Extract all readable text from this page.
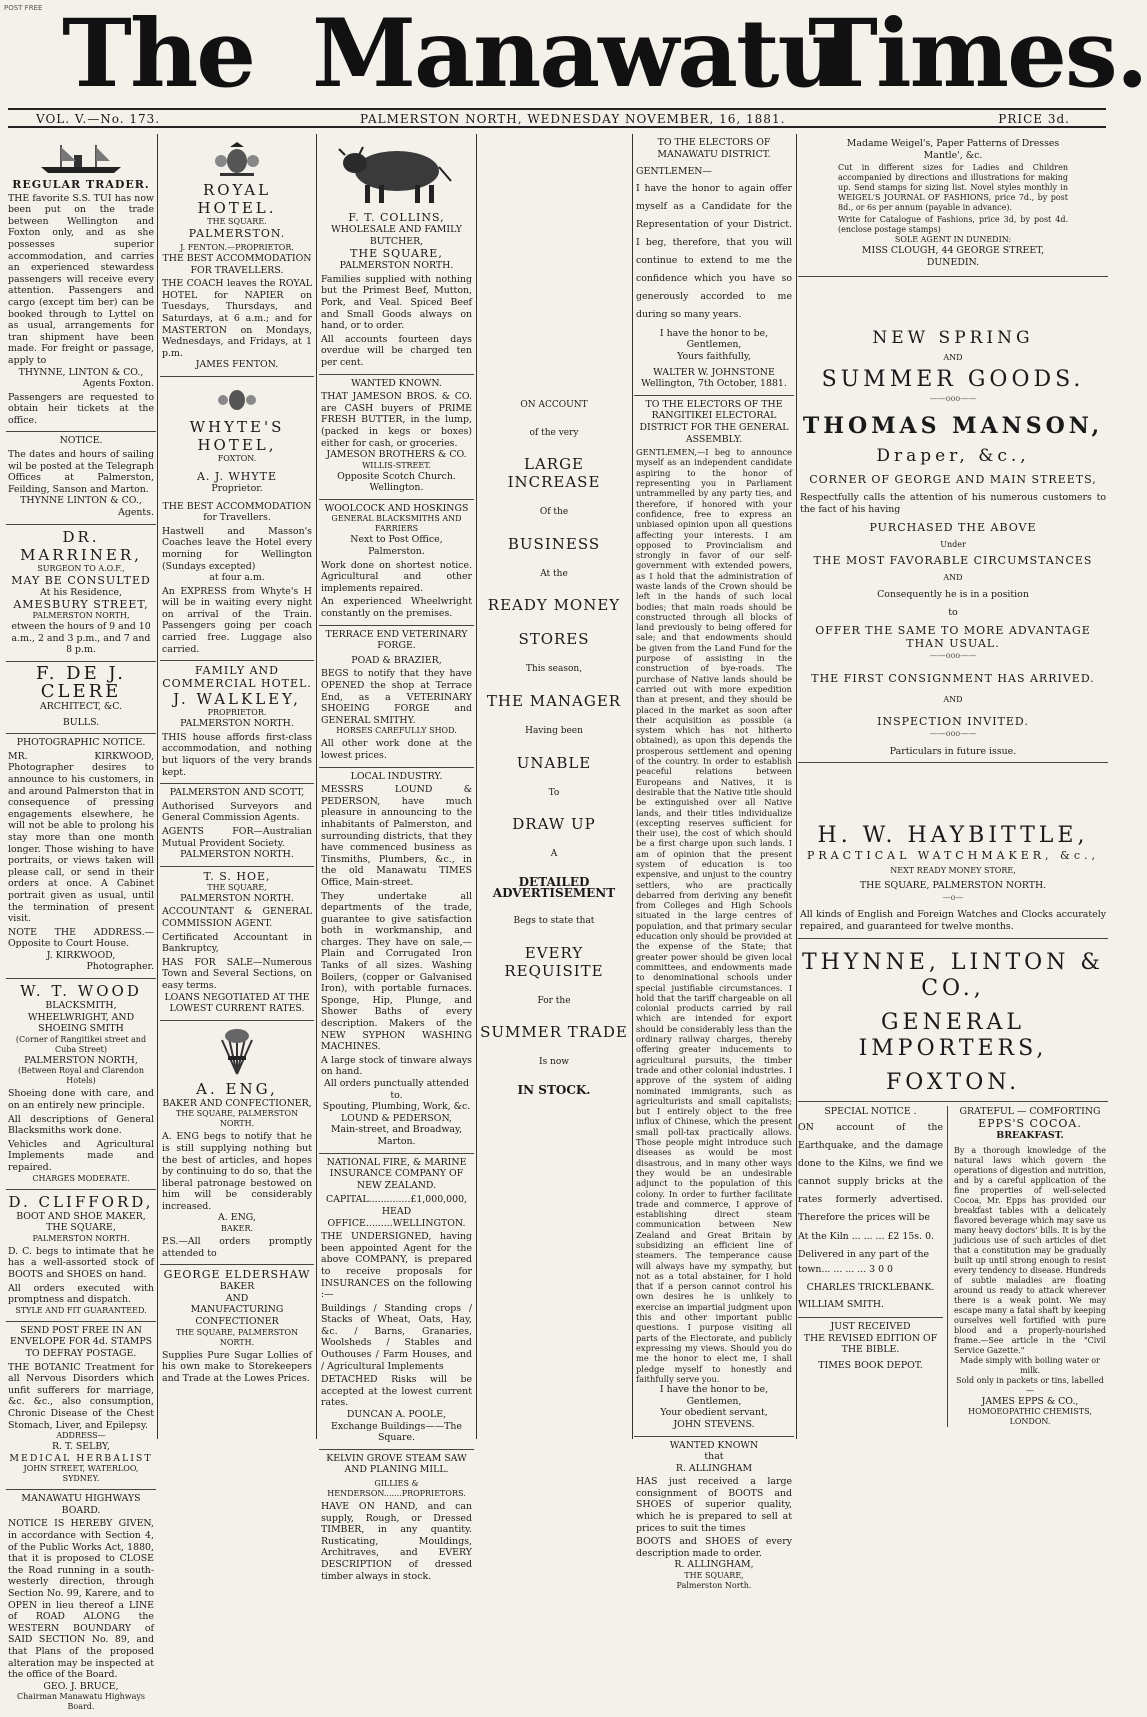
POST FREE The Manawatu
Times.
VOL. V.—No. 173.	PALMERSTON NORTH, WEDNESDAY NOVEMBER, 16, 1881.	PRICE 3d.
REGULAR TRADER.

THE favorite S.S. TUI has now been put on the trade between Wellington and Foxton only, and as she possesses superior accommodation, and carries an experienced stewardess passengers will receive every attention. Passengers and cargo (except tim ber) can be booked through to Lyttel on as usual, arrangements for tran shipment have been made. For freight or passage, apply to

THYNNE, LINTON & CO.,
Agents Foxton.

Passengers are requested to obtain heir tickets at the office.

NOTICE.

The dates and hours of sailing wil be posted at the Telegraph Offices at Palmerston, Feilding, Sanson and Marton.

THYNNE LINTON & CO.,
Agents.
DR. MARRINER,
SURGEON TO A.O.F.,
MAY BE CONSULTED
At his Residence,
AMESBURY STREET,
PALMERSTON NORTH,
etween the hours of 9 and 10 a.m., 2 and 3 p.m., and 7 and 8 p.m.
F. DE J. CLERE
ARCHITECT, &C.
BULLS.
PHOTOGRAPHIC NOTICE.

MR. KIRKWOOD, Photographer desires to announce to his customers, in and around Palmerston that in consequence of pressing engagements elsewhere, he will not be able to prolong his stay more than one month longer. Those wishing to have portraits, or views taken will please call, or send in their orders at once. A Cabinet portrait given as usual, until the termination of present visit.

NOTE THE ADDRESS.—Opposite to Court House.

J. KIRKWOOD,
Photographer.
W. T. WOOD
BLACKSMITH, WHEELWRIGHT, AND SHOEING SMITH
(Corner of Rangitikei street and Cuba Street)
PALMERSTON NORTH,
(Between Royal and Clarendon Hotels)

Shoeing done with care, and on an entirely new principle.

All descriptions of General Blacksmiths work done.

Vehicles and Agricultural Implements made and repaired.

CHARGES MODERATE.
D. CLIFFORD,
BOOT AND SHOE MAKER,
THE SQUARE,
PALMERSTON NORTH.

D. C. begs to intimate that he has a well-assorted stock of BOOTS and SHOES on hand.

All orders executed with promptness and dispatch.

STYLE AND FIT GUARANTEED.
SEND POST FREE IN AN ENVELOPE FOR 4d. STAMPS TO DEFRAY POSTAGE.

THE BOTANIC Treatment for all Nervous Disorders which unfit sufferers for marriage, &c. &c., also consumption, Chronic Disease of the Chest Stomach, Liver, and Epilepsy.

ADDRESS—
R. T. SELBY,
MEDICAL HERBALIST
JOHN STREET, WATERLOO, SYDNEY.
MANAWATU HIGHWAYS BOARD.

NOTICE IS HEREBY GIVEN, in accordance with Section 4, of the Public Works Act, 1880, that it is proposed to CLOSE the Road running in a south-westerly direction, through Section No. 99, Karere, and to OPEN in lieu thereof a LINE of ROAD ALONG the WESTERN BOUNDARY of SAID SECTION No. 89, and that Plans of the proposed alteration may be inspected at the office of the Board.

GEO. J. BRUCE,
Chairman Manawatu Highways Board.
ROYAL HOTEL.
THE SQUARE.
PALMERSTON.
J. FENTON.—PROPRIETOR.
THE BEST ACCOMMODATION FOR TRAVELLERS.

THE COACH leaves the ROYAL HOTEL for NAPIER on Tuesdays, Thursdays, and Saturdays, at 6 a.m.; and for MASTERTON on Mondays, Wednesdays, and Fridays, at 1 p.m.

JAMES FENTON.
WHYTE'S
HOTEL,
FOXTON.
A. J. WHYTE
Proprietor.
THE BEST ACCOMMODATION for Travellers.

Hastwell and Masson's Coaches leave the Hotel every morning for Wellington (Sundays excepted)

at four a.m.

An EXPRESS from Whyte's H will be in waiting every night on arrival of the Train. Passengers going per coach carried free. Luggage also carried.

FAMILY AND
COMMERCIAL HOTEL.
J. WALKLEY,
PROPRIETOR.
PALMERSTON NORTH.

THIS house affords first-class accommodation, and nothing but liquors of the very brands kept.

PALMERSTON AND SCOTT,

Authorised Surveyors and General Commission Agents.

AGENTS FOR—Australian Mutual Provident Society.

PALMERSTON NORTH.
T. S. HOE,
THE SQUARE,
PALMERSTON NORTH.

ACCOUNTANT & GENERAL COMMISSION AGENT.

Certificated Accountant in Bankruptcy,

HAS FOR SALE—Numerous Town and Several Sections, on easy terms.

LOANS NEGOTIATED AT THE LOWEST CURRENT RATES.
A. ENG,
BAKER AND CONFECTIONER,
THE SQUARE, PALMERSTON NORTH.

A. ENG begs to notify that he is still supplying nothing but the best of articles, and hopes by continuing to do so, that the liberal patronage bestowed on him will be considerably increased.

A. ENG,
BAKER.

P.S.—All orders promptly attended to

GEORGE ELDERSHAW
BAKER
AND
MANUFACTURING CONFECTIONER
THE SQUARE, PALMERSTON NORTH.

Supplies Pure Sugar Lollies of his own make to Storekeepers and Trade at the Lowes Prices.

F. T. COLLINS,
WHOLESALE AND FAMILY BUTCHER,
THE SQUARE,
PALMERSTON NORTH.

Families supplied with nothing but the Primest Beef, Mutton, Pork, and Veal. Spiced Beef and Small Goods always on hand, or to order.

All accounts fourteen days overdue will be charged ten per cent.

WANTED KNOWN.

THAT JAMESON BROS. & CO. are CASH buyers of PRIME FRESH BUTTER, in the lump, (packed in kegs or boxes) either for cash, or groceries.

JAMESON BROTHERS & CO.
WILLIS-STREET.
Opposite Scotch Church.
Wellington.
WOOLCOCK AND HOSKINGS
GENERAL BLACKSMITHS AND FARRIERS
Next to Post Office, Palmerston.

Work done on shortest notice. Agricultural and other implements repaired.

An experienced Wheelwright constantly on the premises.

TERRACE END VETERINARY FORGE.
POAD & BRAZIER,

BEGS to notify that they have OPENED the shop at Terrace End, as a VETERINARY SHOEING FORGE and GENERAL SMITHY.

HORSES CAREFULLY SHOD.

All other work done at the lowest prices.

LOCAL INDUSTRY.

MESSRS LOUND & PEDERSON, have much pleasure in announcing to the inhabitants of Palmerston, and surrounding districts, that they have commenced business as Tinsmiths, Plumbers, &c., in the old Manawatu TIMES Office, Main-street.

They undertake all departments of the trade, guarantee to give satisfaction both in workmanship, and charges. They have on sale,— Plain and Corrugated Iron Tanks of all sizes. Washing Boilers, (copper or Galvanised Iron), with portable furnaces. Sponge, Hip, Plunge, and Shower Baths of every description. Makers of the NEW SYPHON WASHING MACHINES.

A large stock of tinware always on hand.

All orders punctually attended to.
Spouting, Plumbing, Work, &c.
LOUND & PEDERSON,
Main-street, and Broadway, Marton.
NATIONAL FIRE, & MARINE INSURANCE COMPANY OF NEW ZEALAND.
CAPITAL..............£1,000,000,
HEAD OFFICE.........WELLINGTON.

THE UNDERSIGNED, having been appointed Agent for the above COMPANY, is prepared to receive proposals for INSURANCES on the following :—

Buildings / Standing crops / Stacks of Wheat, Oats, Hay, &c. / Barns, Granaries, Woolsheds / Stables and Outhouses / Farm Houses, and / Agricultural Implements

DETACHED Risks will be accepted at the lowest current rates.

DUNCAN A. POOLE,
Exchange Buildings——The Square.
KELVIN GROVE STEAM SAW AND PLANING MILL.
GILLIES & HENDERSON.......PROPRIETORS.

HAVE ON HAND, and can supply, Rough, or Dressed TIMBER, in any quantity. Rusticating, Mouldings, Architraves, and EVERY DESCRIPTION of dressed timber always in stock.

ON ACCOUNT
of the very
LARGE INCREASE
Of the
BUSINESS
At the
READY MONEY
STORES
This season,
THE MANAGER
Having been
UNABLE
To
DRAW UP
A
DETAILED ADVERTISEMENT
Begs to state that
EVERY REQUISITE
For the
SUMMER TRADE
Is now
IN STOCK.
TO THE ELECTORS OF MANAWATU DISTRICT.
GENTLEMEN—

I have the honor to again offer myself as a Candidate for the Representation of your District. I beg, therefore, that you will continue to extend to me the confidence which you have so generously accorded to me during so many years.

I have the honor to be,
Gentlemen,
Yours faithfully,
WALTER W. JOHNSTONE
Wellington, 7th October, 1881.
TO THE ELECTORS OF THE RANGITIKEI ELECTORAL DISTRICT FOR THE GENERAL ASSEMBLY.

GENTLEMEN,—I beg to announce myself as an independent candidate aspiring to the honor of representing you in Parliament untrammelled by any party ties, and therefore, if honored with your confidence, free to express an unbiased opinion upon all questions affecting your interests. I am opposed to Provincialism and strongly in favor of our self-government with extended powers, as I hold that the administration of waste lands of the Crown should be left in the hands of such local bodies; that main roads should be constructed through all blocks of land previously to being offered for sale; and that endowments should be given from the Land Fund for the purpose of assisting in the construction of bye-roads. The purchase of Native lands should be carried out with more expedition than at present, and they should be placed in the market as soon after their acquisition as possible (a system which has not hitherto obtained), as upon this depends the prosperous settlement and opening of the country. In order to establish peaceful relations between Europeans and Natives, it is desirable that the Native title should be extinguished over all Native lands, and their titles individualize (excepting reserves sufficient for their use), the cost of which should be a first charge upon such lands. I am of opinion that the present system of education is too expensive, and unjust to the country settlers, who are practically debarred from deriving any benefit from Colleges and High Schools situated in the large centres of population, and that primary secular education only should be provided at the expense of the State; that greater power should be given local committees, and endowments made to denominational schools under special justifiable circumstances. I hold that the tariff chargeable on all colonial products carried by rail which are intended for export should be considerably less than the ordinary railway charges, thereby offering greater inducements to agricultural pursuits, the timber trade and other colonial industries. I approve of the system of aiding nominated immigrants, such as agriculturists and small capitalists; but I entirely object to the free influx of Chinese, which the present small poll-tax practically allows. Those people might introduce such diseases as would be most disastrous, and in many other ways they would be an undesirable adjunct to the population of this colony. In order to further facilitate trade and commerce, I approve of establishing direct steam communication between New Zealand and Great Britain by subsidizing an efficient line of steamers. The temperance cause will always have my sympathy, but not as a total abstainer, for I hold that if a person cannot control his own desires he is unlikely to exercise an impartial judgment upon this and other important public questions. I purpose visiting all parts of the Electorate, and publicly expressing my views. Should you do me the honor to elect me, I shall pledge myself to honestly and faithfully serve you.

I have the honor to be,
Gentlemen,
Your obedient servant,
JOHN STEVENS.
WANTED KNOWN
that
R. ALLINGHAM

HAS just received a large consignment of BOOTS and SHOES of superior quality, which he is prepared to sell at prices to suit the times

BOOTS and SHOES of every description made to order.

R. ALLINGHAM,
THE SQUARE,
Palmerston North.
Madame Weigel's, Paper Patterns of Dresses Mantle', &c.

Cut in different sizes for Ladies and Children accompanied by directions and illustrations for making up. Send stamps for sizing list. Novel styles monthly in WEIGEL'S JOURNAL OF FASHIONS, price 7d., by post 8d., or 6s per annum (payable in advance).

Write for Catalogue of Fashions, price 3d, by post 4d. (enclose postage stamps)

SOLE AGENT IN DUNEDIN:
MISS CLOUGH, 44 GEORGE STREET, DUNEDIN.
NEW SPRING
AND
SUMMER GOODS.
——ooo——
THOMAS MANSON,
Draper, &c.,
CORNER OF GEORGE AND MAIN STREETS,

Respectfully calls the attention of his numerous customers to the fact of his having

PURCHASED THE ABOVE
Under
THE MOST FAVORABLE CIRCUMSTANCES
AND
Consequently he is in a position
to
OFFER THE SAME TO MORE ADVANTAGE THAN USUAL.
——ooo——
THE FIRST CONSIGNMENT HAS ARRIVED.
AND
INSPECTION INVITED.
——ooo——
Particulars in future issue.
H. W. HAYBITTLE,
PRACTICAL WATCHMAKER, &c.,
NEXT READY MONEY STORE,
THE SQUARE, PALMERSTON NORTH.
—o—

All kinds of English and Foreign Watches and Clocks accurately repaired, and guaranteed for twelve months.

THYNNE, LINTON & CO.,
GENERAL IMPORTERS,
FOXTON.
SPECIAL NOTICE .

ON account of the Earthquake, and the damage done to the Kilns, we find we cannot supply bricks at the rates formerly advertised. Therefore the prices will be

At the Kiln ... ... ... £2 15s. 0.
Delivered in any part of the
town... ... ... ... 3 0 0
CHARLES TRICKLEBANK.
WILLIAM SMITH.
JUST RECEIVED
THE REVISED EDITION OF THE BIBLE.
TIMES BOOK DEPOT.
GRATEFUL — COMFORTING
EPPS'S COCOA.
BREAKFAST.

By a thorough knowledge of the natural laws which govern the operations of digestion and nutrition, and by a careful application of the fine properties of well-selected Cocoa, Mr. Epps has provided our breakfast tables with a delicately flavored beverage which may save us many heavy doctors' bills. It is by the judicious use of such articles of diet that a constitution may be gradually built up until strong enough to resist every tendency to disease. Hundreds of subtle maladies are floating around us ready to attack wherever there is a weak point. We may escape many a fatal shaft by keeping ourselves well fortified with pure blood and a properly-nourished frame.—See article in the "Civil Service Gazette."

Made simply with boiling water or milk.
Sold only in packets or tins, labelled—
JAMES EPPS & CO.,
HOMOEOPATHIC CHEMISTS, LONDON.
